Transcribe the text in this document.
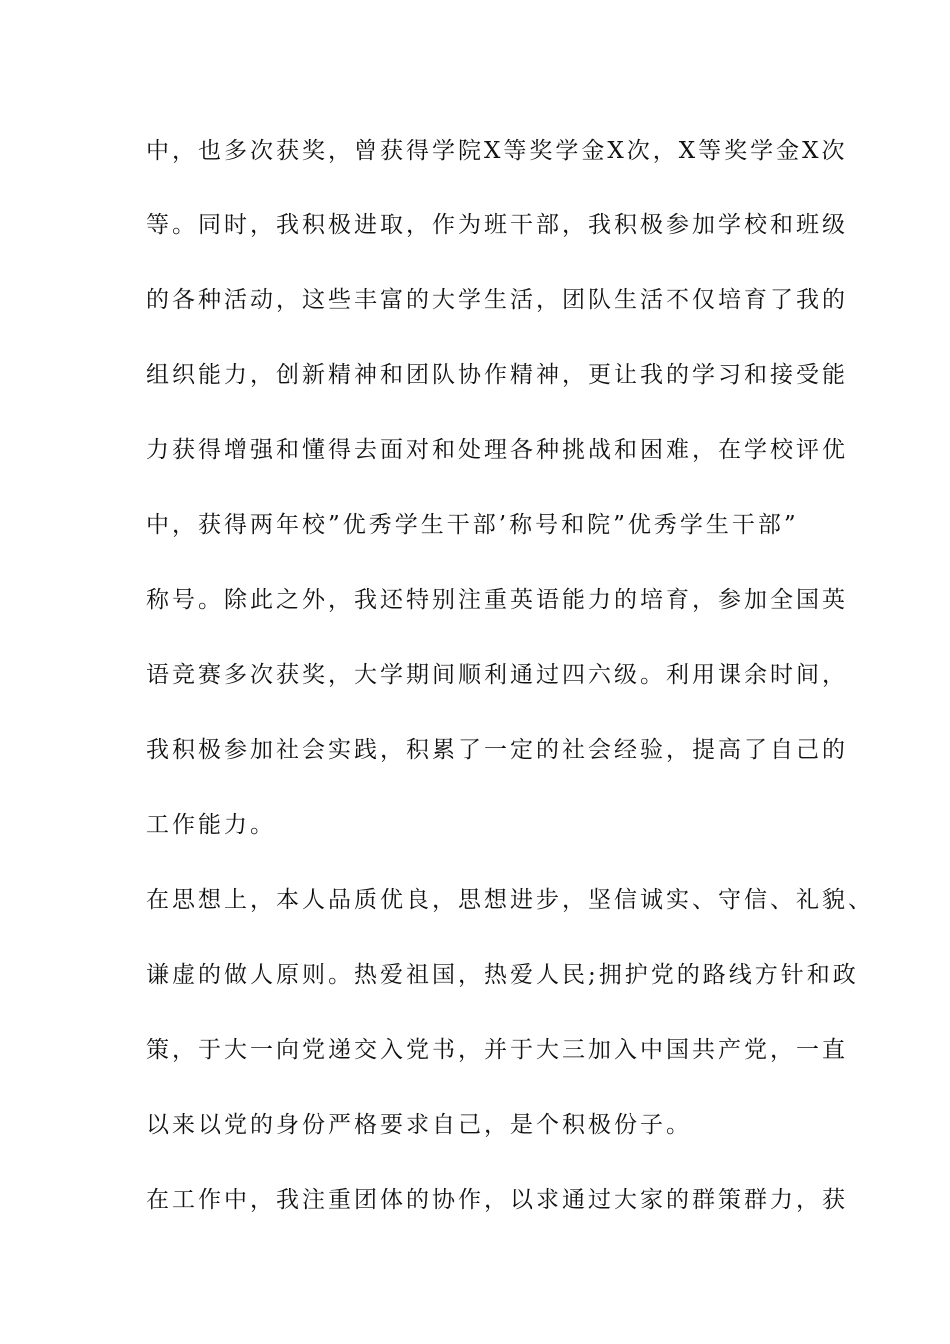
中，也多次获奖，曾获得学院X等奖学金X次，X等奖学金X次
等。同时，我积极进取，作为班干部，我积极参加学校和班级
的各种活动，这些丰富的大学生活，团队生活不仅培育了我的
组织能力，创新精神和团队协作精神，更让我的学习和接受能
力获得增强和懂得去面对和处理各种挑战和困难，在学校评优
中，获得两年校”优秀学生干部’称号和院”优秀学生干部”
称号。除此之外，我还特别注重英语能力的培育，参加全国英
语竞赛多次获奖，大学期间顺利通过四六级。利用课余时间，
我积极参加社会实践，积累了一定的社会经验，提高了自己的
工作能力。
在思想上，本人品质优良，思想进步，坚信诚实、守信、礼貌、
谦虚的做人原则。热爱祖国，热爱人民;拥护党的路线方针和政
策，于大一向党递交入党书，并于大三加入中国共产党，一直
以来以党的身份严格要求自己，是个积极份子。
在工作中，我注重团体的协作，以求通过大家的群策群力，获
